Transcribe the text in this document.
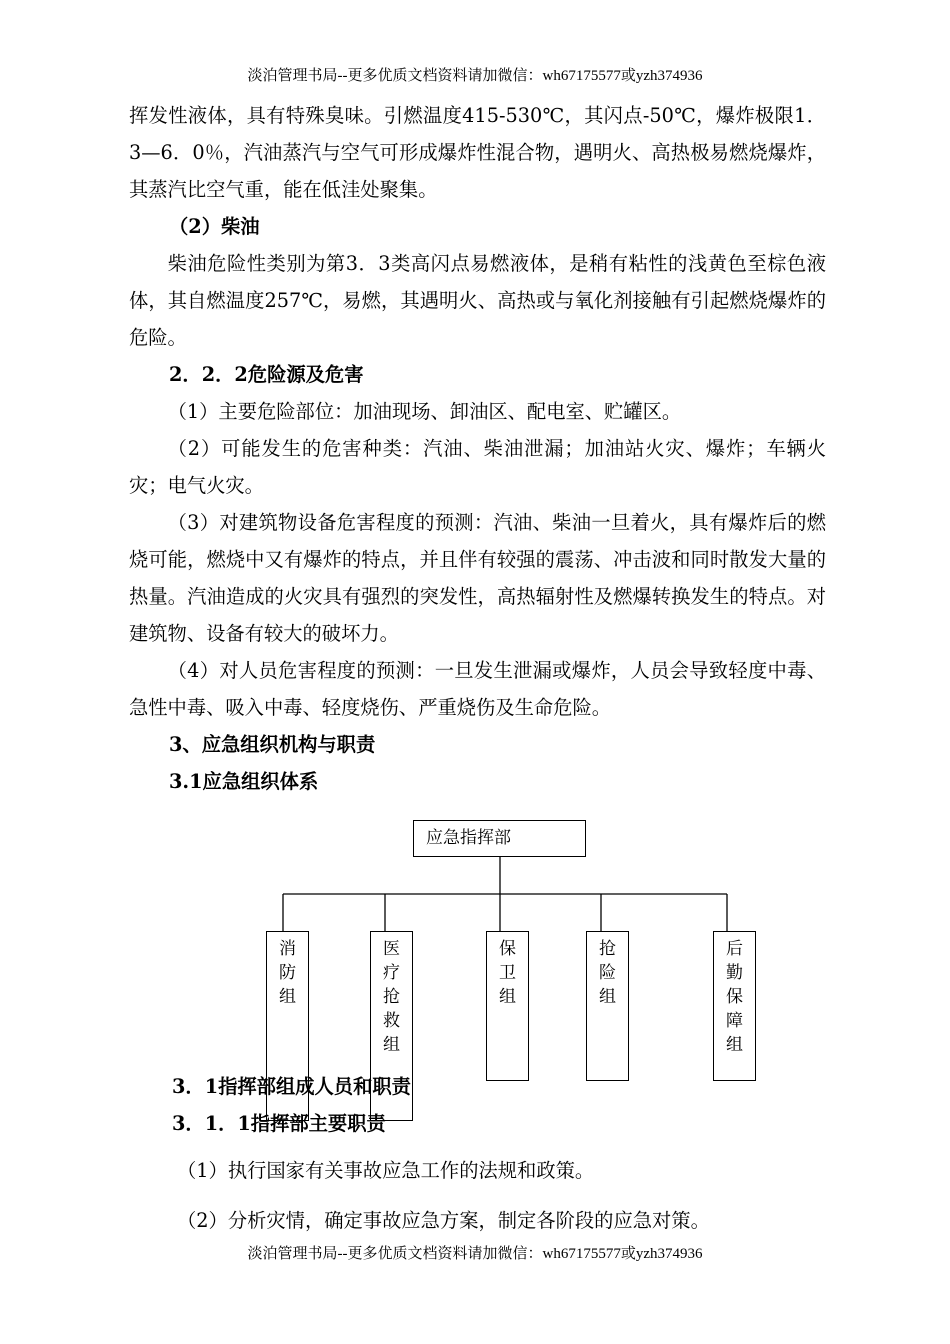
淡泊管理书局--更多优质文档资料请加微信：wh67175577或yzh374936

挥发性液体，具有特殊臭味。引燃温度415-530℃，其闪点-50℃，爆炸极限1．3—6．0％，汽油蒸汽与空气可形成爆炸性混合物，遇明火、高热极易燃烧爆炸，其蒸汽比空气重，能在低洼处聚集。

（2）柴油

柴油危险性类别为第3．3类高闪点易燃液体，是稍有粘性的浅黄色至棕色液体，其自燃温度257℃，易燃，其遇明火、高热或与氧化剂接触有引起燃烧爆炸的危险。

2．2．2危险源及危害

（1）主要危险部位：加油现场、卸油区、配电室、贮罐区。

（2）可能发生的危害种类：汽油、柴油泄漏；加油站火灾、爆炸；车辆火灾；电气火灾。

（3）对建筑物设备危害程度的预测：汽油、柴油一旦着火，具有爆炸后的燃烧可能，燃烧中又有爆炸的特点，并且伴有较强的震荡、冲击波和同时散发大量的热量。汽油造成的火灾具有强烈的突发性，高热辐射性及燃爆转换发生的特点。对建筑物、设备有较大的破坏力。

（4）对人员危害程度的预测：一旦发生泄漏或爆炸，人员会导致轻度中毒、急性中毒、吸入中毒、轻度烧伤、严重烧伤及生命危险。

3、应急组织机构与职责

3.1应急组织体系

应急指挥部
消
防
组
医
疗
抢
救
组
保
卫
组
抢
险
组
后
勤
保
障
组
3．1指挥部组成人员和职责
3．1．1指挥部主要职责
（1）执行国家有关事故应急工作的法规和政策。
（2）分析灾情，确定事故应急方案，制定各阶段的应急对策。
淡泊管理书局--更多优质文档资料请加微信：wh67175577或yzh374936
